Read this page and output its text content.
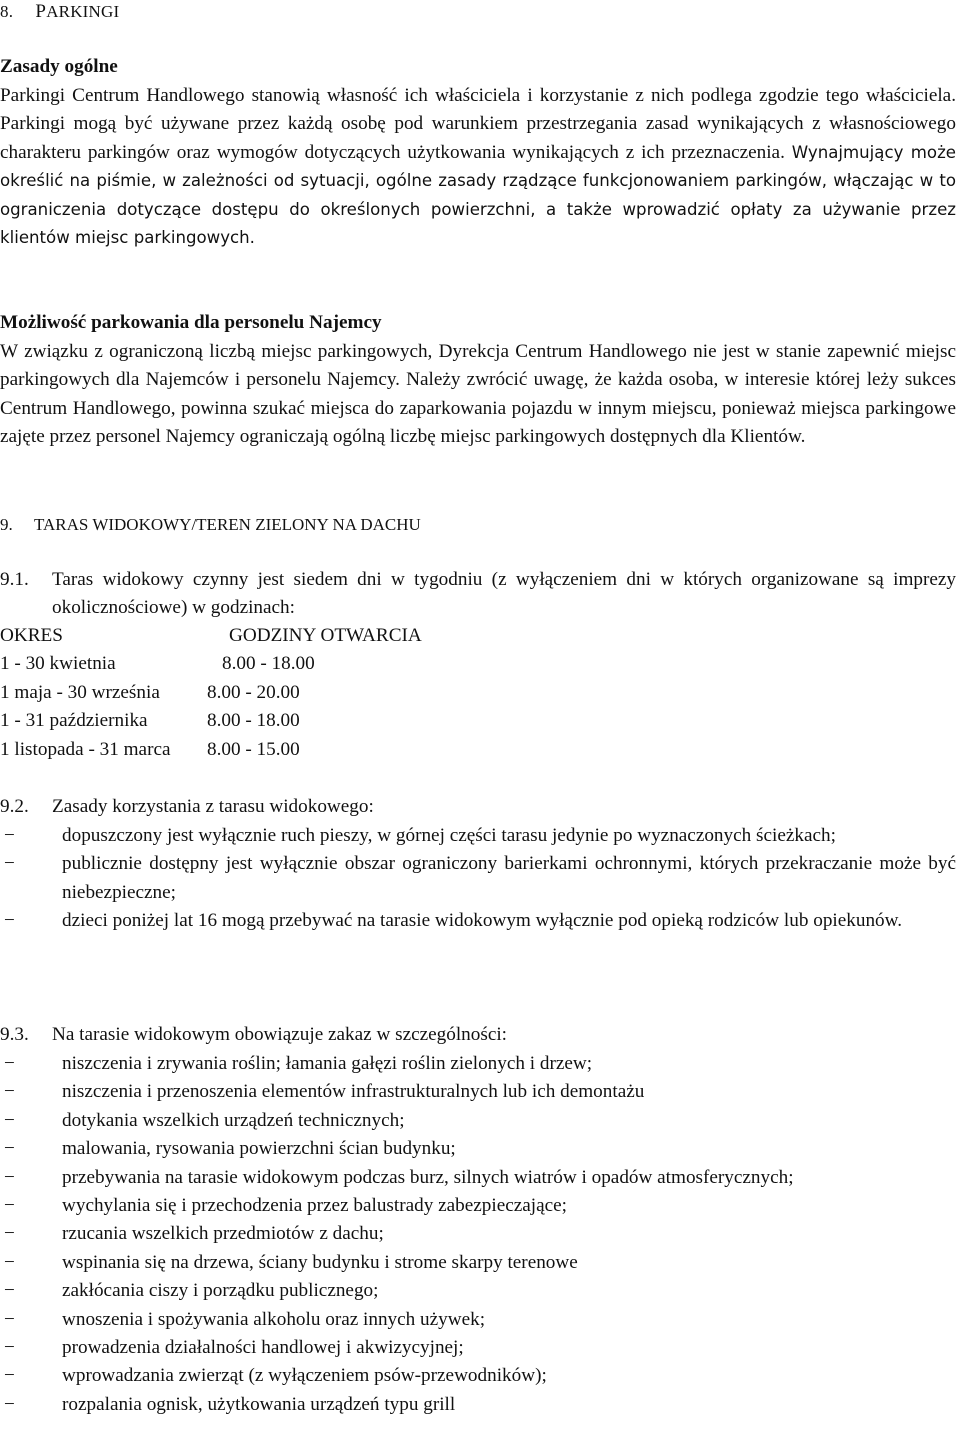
8. PARKINGI
Zasady ogólne
Parkingi Centrum Handlowego stanowią własność ich właściciela i korzystanie z nich podlega zgodzie tego właściciela. Parkingi mogą być używane przez każdą osobę pod warunkiem przestrzegania zasad wynikających z własnościowego charakteru parkingów oraz wymogów dotyczących użytkowania wynikających z ich przeznaczenia. Wynajmujący może określić na piśmie, w zależności od sytuacji, ogólne zasady rządzące funkcjonowaniem parkingów, włączając w to ograniczenia dotyczące dostępu do określonych powierzchni, a także wprowadzić opłaty za używanie przez klientów miejsc parkingowych.
Możliwość parkowania dla personelu Najemcy
W związku z ograniczoną liczbą miejsc parkingowych, Dyrekcja Centrum Handlowego nie jest w stanie zapewnić miejsc parkingowych dla Najemców i personelu Najemcy. Należy zwrócić uwagę, że każda osoba, w interesie której leży sukces Centrum Handlowego, powinna szukać miejsca do zaparkowania pojazdu w innym miejscu, ponieważ miejsca parkingowe zajęte przez personel Najemcy ograniczają ogólną liczbę miejsc parkingowych dostępnych dla Klientów.
9. TARAS WIDOKOWY/TEREN ZIELONY NA DACHU
9.1. Taras widokowy czynny jest siedem dni w tygodniu (z wyłączeniem dni w których organizowane są imprezy okolicznościowe) w godzinach:
OKRES	GODZINY OTWARCIA
1 - 30 kwietnia	8.00 - 18.00
1 maja - 30 września 8.00 - 20.00
1 - 31 października	8.00 - 18.00
1 listopada - 31 marca 8.00 - 15.00
9.2. Zasady korzystania z tarasu widokowego:
− dopuszczony jest wyłącznie ruch pieszy, w górnej części tarasu jedynie po wyznaczonych ścieżkach;
− publicznie dostępny jest wyłącznie obszar ograniczony barierkami ochronnymi, których przekraczanie może być niebezpieczne;
− dzieci poniżej lat 16 mogą przebywać na tarasie widokowym wyłącznie pod opieką rodziców lub opiekunów.
9.3. Na tarasie widokowym obowiązuje zakaz w szczególności:
− niszczenia i zrywania roślin; łamania gałęzi roślin zielonych i drzew;
− niszczenia i przenoszenia elementów infrastrukturalnych lub ich demontażu
− dotykania wszelkich urządzeń technicznych;
− malowania, rysowania powierzchni ścian budynku;
− przebywania na tarasie widokowym podczas burz, silnych wiatrów i opadów atmosferycznych;
− wychylania się i przechodzenia przez balustrady zabezpieczające;
− rzucania wszelkich przedmiotów z dachu;
− wspinania się na drzewa, ściany budynku i strome skarpy terenowe
− zakłócania ciszy i porządku publicznego;
− wnoszenia i spożywania alkoholu oraz innych używek;
− prowadzenia działalności handlowej i akwizycyjnej;
− wprowadzania zwierząt (z wyłączeniem psów-przewodników);
− rozpalania ognisk, użytkowania urządzeń typu grill
